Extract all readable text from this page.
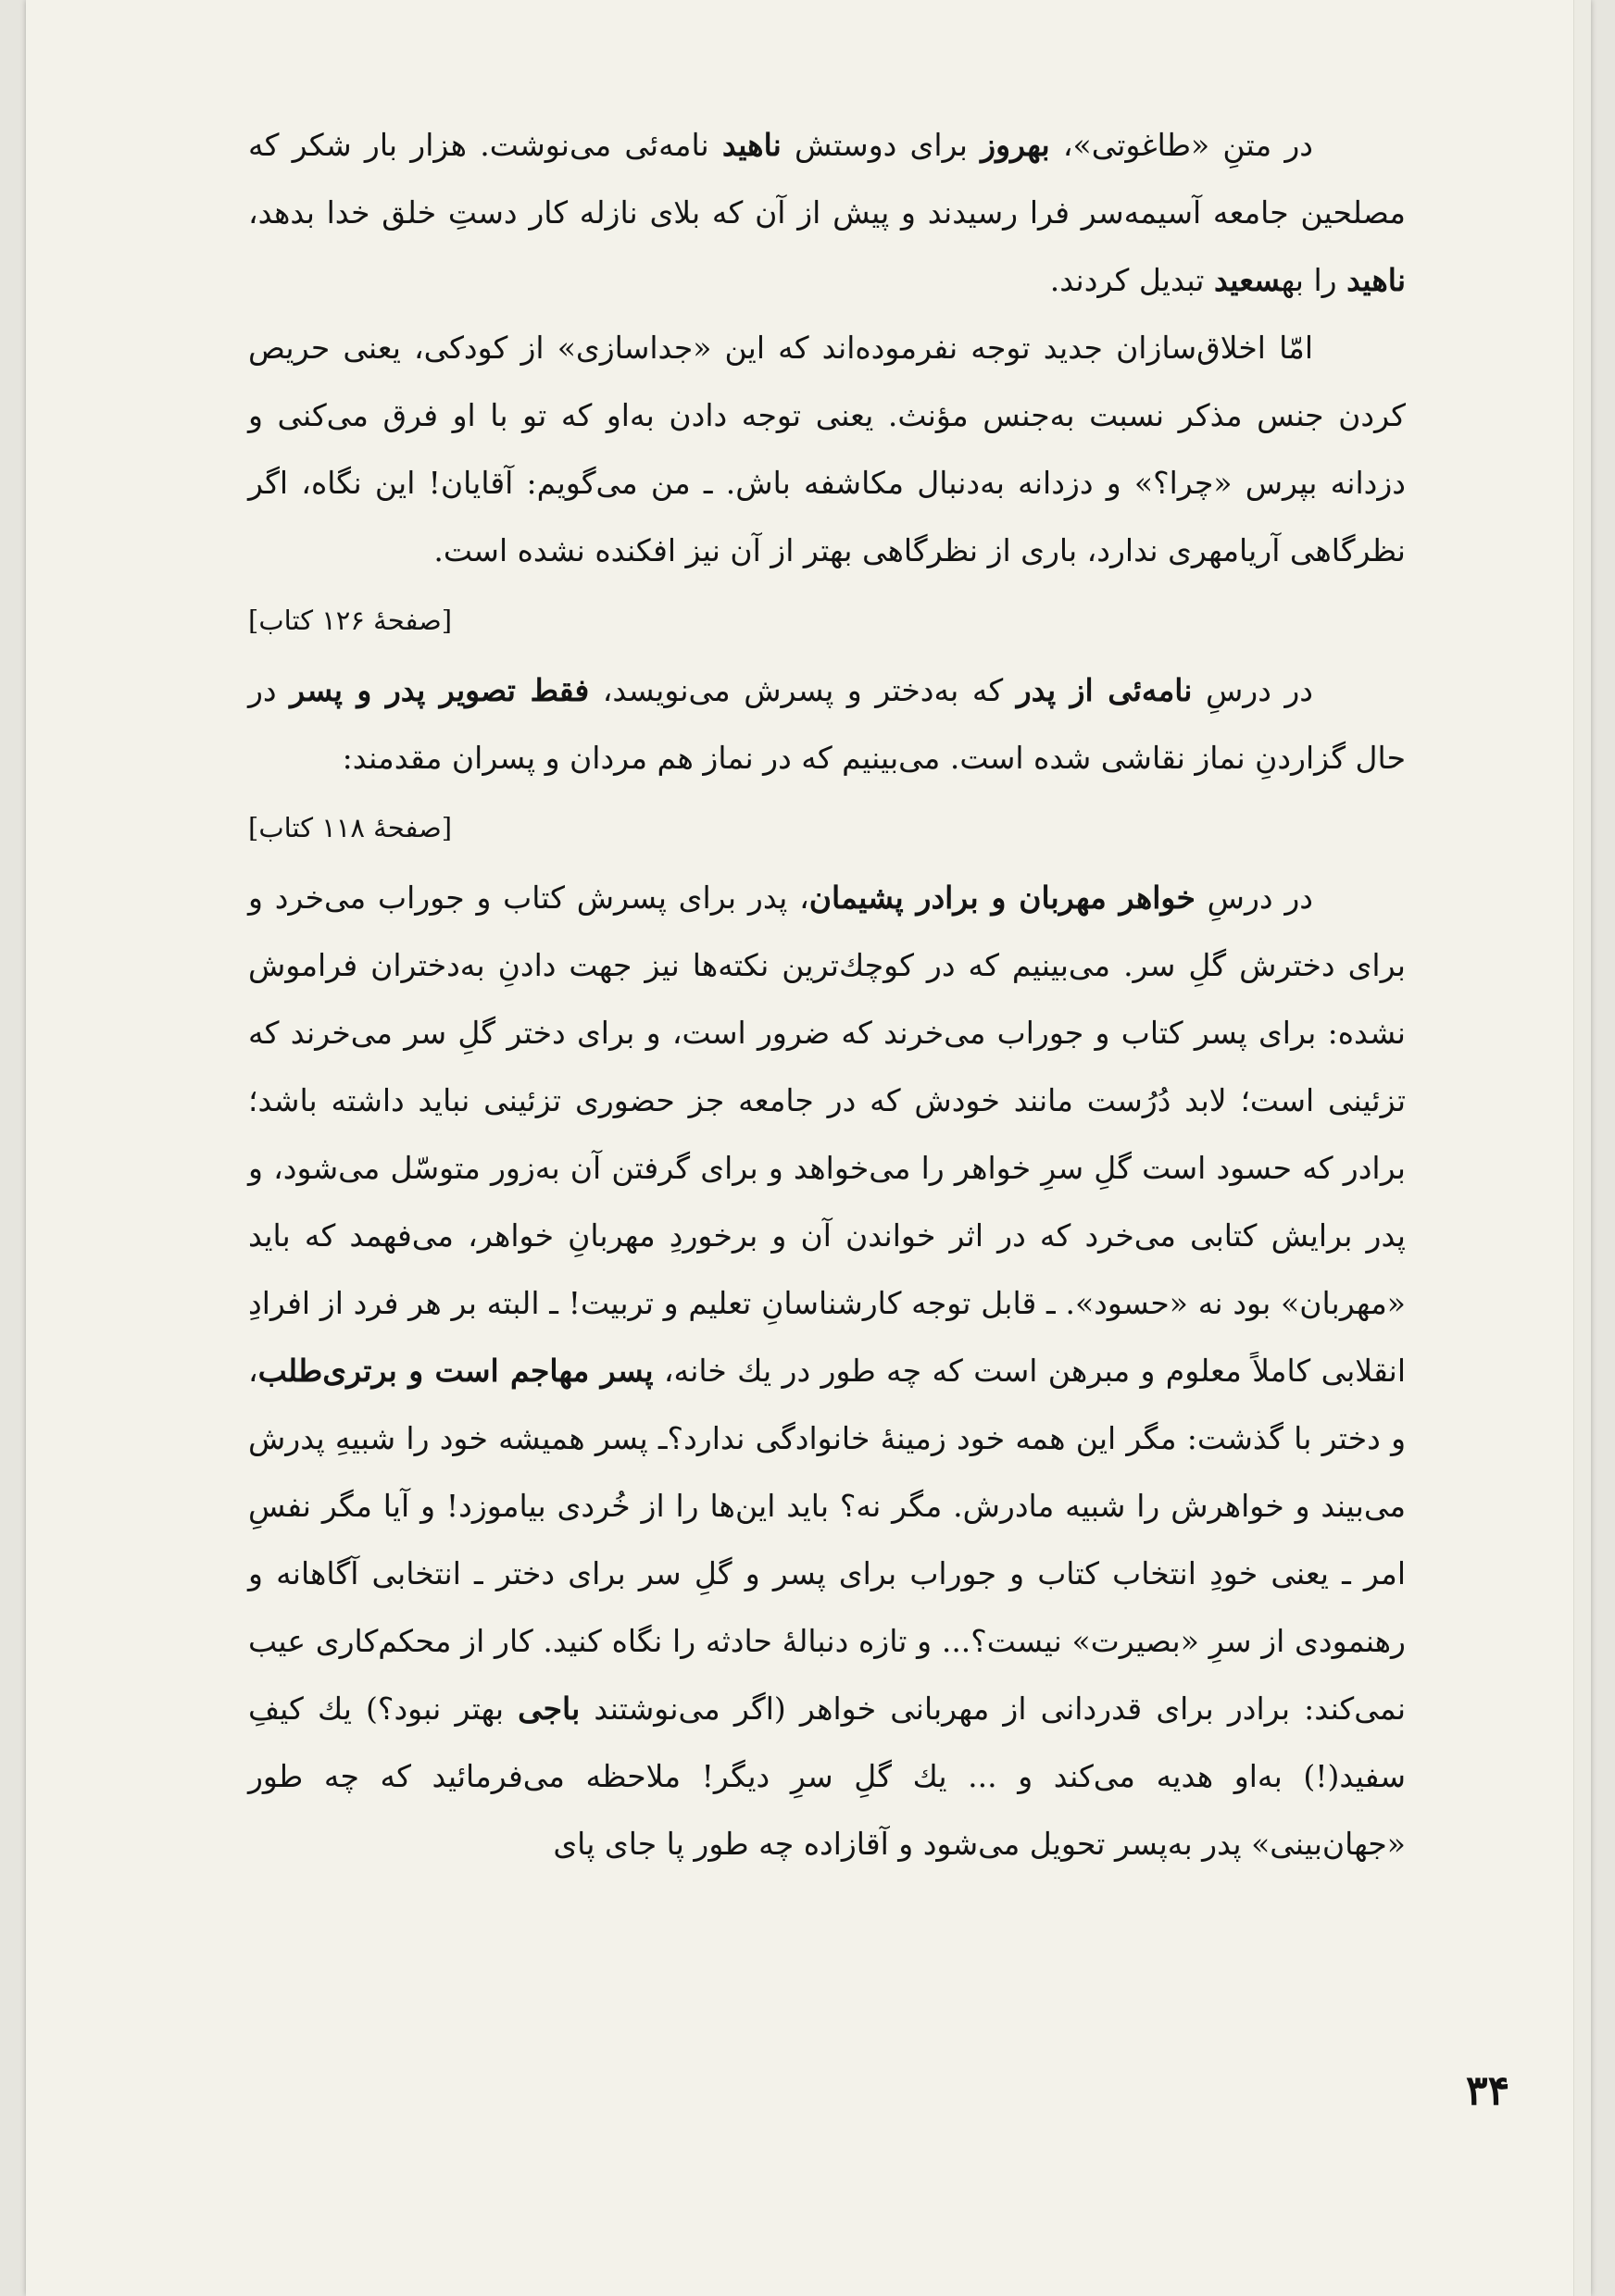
در متنِ «طاغوتی»، بهروز برای دوستش ناهید نامه‌ئی می‌نوشت. هزار بار شکر که مصلحین جامعه آسیمه‌سر فرا رسیدند و پیش از آن که بلای نازله کار دستِ خلق خدا بدهد، ناهید را بهسعید تبدیل کردند.

امّا اخلاق‌سازان جدید توجه نفرموده‌اند که این «جداسازی» از کودکی، یعنی حریص کردن جنس مذکر نسبت به‌جنس مؤنث. یعنی توجه دادن به‌او که تو با او فرق می‌کنی و دزدانه بپرس «چرا؟» و دزدانه به‌دنبال مکاشفه باش. ـ من می‌گویم: آقایان! این نگاه، اگر نظرگاهی آریامهری ندارد، باری از نظرگاهی بهتر از آن نیز افکنده نشده است.

[صفحهٔ ۱۲۶ کتاب]

در درسِ نامه‌ئی از پدر که به‌دختر و پسرش می‌نویسد، فقط تصویر پدر و پسر در حال گزاردنِ نماز نقاشی شده است. می‌بینیم که در نماز هم مردان و پسران مقدمند:

[صفحهٔ ۱۱۸ کتاب]

در درسِ خواهر مهربان و برادر پشیمان، پدر برای پسرش کتاب و جوراب می‌خرد و برای دخترش گلِ سر. می‌بینیم که در کوچك‌ترین نکته‌ها نیز جهت دادنِ به‌دختران فراموش نشده: برای پسر کتاب و جوراب می‌خرند که ضرور است، و برای دختر گلِ سر می‌خرند که تزئینی است؛ لابد دُرُست مانند خودش که در جامعه جز حضوری تزئینی نباید داشته باشد؛ برادر که حسود است گلِ سرِ خواهر را می‌خواهد و برای گرفتن آن به‌زور متوسّل می‌شود، و پدر برایش کتابی می‌خرد که در اثر خواندن آن و برخوردِ مهربانِ خواهر، می‌فهمد که باید «مهربان» بود نه «حسود». ـ قابل توجه کارشناسانِ تعلیم و تربیت! ـ البته بر هر فرد از افرادِ انقلابی کاملاً معلوم و مبرهن است که چه طور در یك خانه، پسر مهاجم است و برتری‌طلب، و دختر با گذشت: مگر این همه خود زمینهٔ خانوادگی ندارد؟ـ پسر همیشه خود را شبیهِ پدرش می‌بیند و خواهرش را شبیه مادرش. مگر نه؟ باید این‌ها را از خُردی بیاموزد! و آیا مگر نفسِ امر ـ یعنی خودِ انتخاب کتاب و جوراب برای پسر و گلِ سر برای دختر ـ انتخابی آگاهانه و رهنمودی از سرِ «بصیرت» نیست؟... و تازه دنبالهٔ حادثه را نگاه کنید. کار از محکم‌کاری عیب نمی‌کند: برادر برای قدردانی از مهربانی خواهر (اگر می‌نوشتند باجی بهتر نبود؟) یك کیفِ سفید(!) به‌او هدیه می‌کند و ... یك گلِ سرِ دیگر! ملاحظه می‌فرمائید که چه طور «جهان‌بینی» پدر به‌پسر تحویل می‌شود و آقازاده چه طور پا جای پای

۳۴
